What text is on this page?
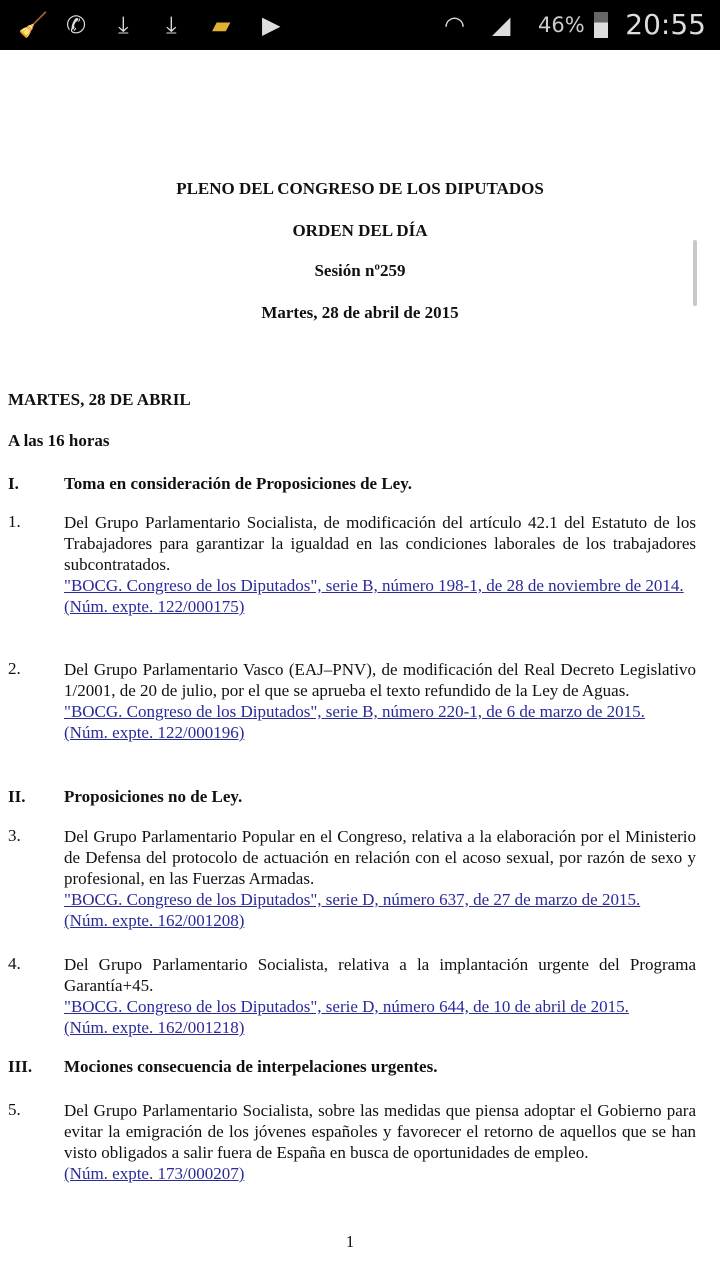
🧹 ✆ ⤓ ⤓ ▰ ▶	◠ ◢ 46% 20:55
PLENO DEL CONGRESO DE LOS DIPUTADOS
ORDEN DEL DÍA
Sesión nº259
Martes, 28 de abril de 2015
MARTES, 28 DE ABRIL
A las 16 horas
I.	Toma en consideración de Proposiciones de Ley.
1.	Del Grupo Parlamentario Socialista, de modificación del artículo 42.1 del Estatuto de los Trabajadores para garantizar la igualdad en las condiciones laborales de los trabajadores subcontratados.
"BOCG. Congreso de los Diputados", serie B, número 198-1, de 28 de noviembre de 2014.
(Núm. expte. 122/000175)
2.	Del Grupo Parlamentario Vasco (EAJ–PNV), de modificación del Real Decreto Legislativo 1/2001, de 20 de julio, por el que se aprueba el texto refundido de la Ley de Aguas.
"BOCG. Congreso de los Diputados", serie B, número 220-1, de 6 de marzo de 2015.
(Núm. expte. 122/000196)
II. Proposiciones no de Ley.
3.	Del Grupo Parlamentario Popular en el Congreso, relativa a la elaboración por el Ministerio de Defensa del protocolo de actuación en relación con el acoso sexual, por razón de sexo y profesional, en las Fuerzas Armadas.
"BOCG. Congreso de los Diputados", serie D, número 637, de 27 de marzo de 2015.
(Núm. expte. 162/001208)
4.	Del Grupo Parlamentario Socialista, relativa a la implantación urgente del Programa Garantía+45.
"BOCG. Congreso de los Diputados", serie D, número 644, de 10 de abril de 2015.
(Núm. expte. 162/001218)
III. Mociones consecuencia de interpelaciones urgentes.
5.	Del Grupo Parlamentario Socialista, sobre las medidas que piensa adoptar el Gobierno para evitar la emigración de los jóvenes españoles y favorecer el retorno de aquellos que se han visto obligados a salir fuera de España en busca de oportunidades de empleo.
(Núm. expte. 173/000207)
1
